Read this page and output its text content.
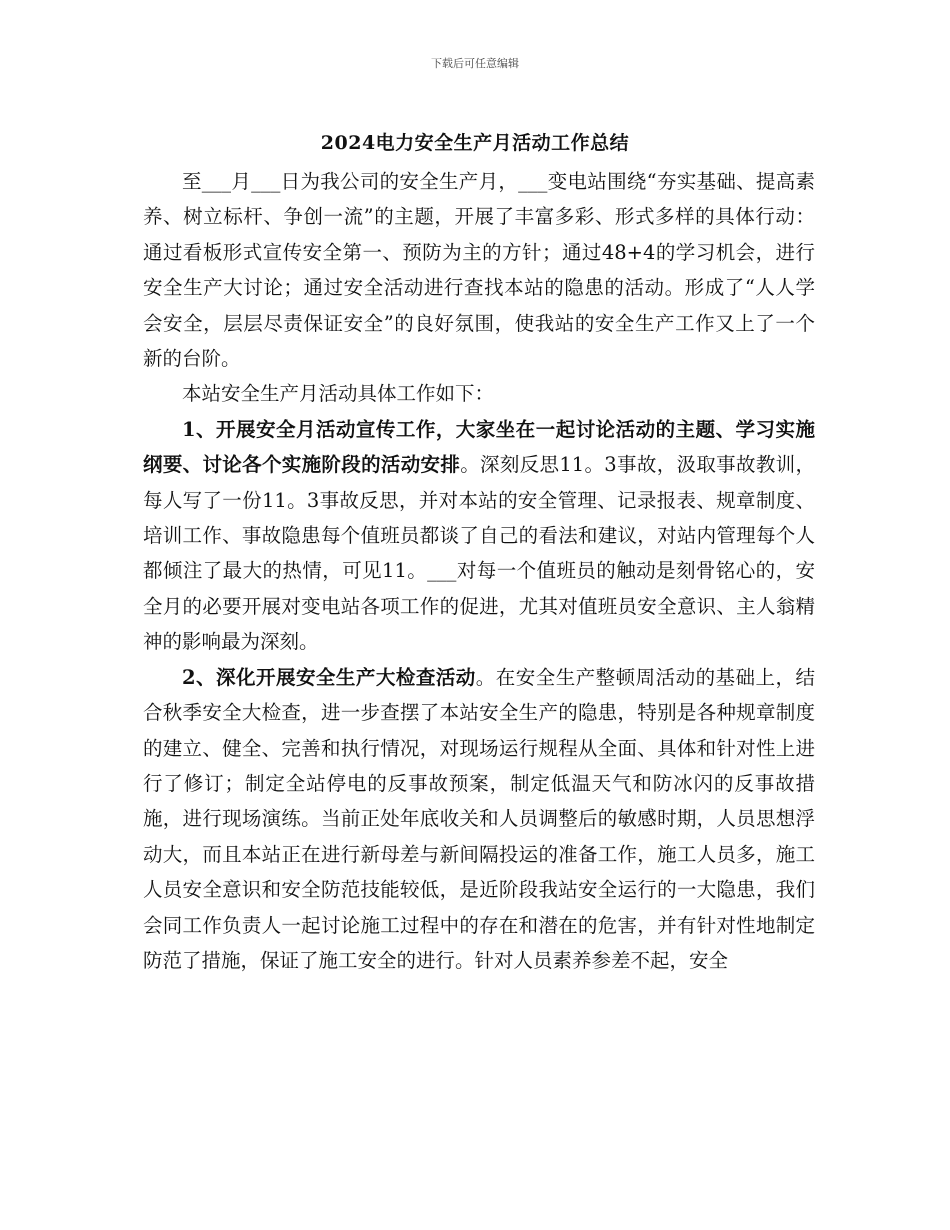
下载后可任意编辑
2024电力安全生产月活动工作总结

至___月___日为我公司的安全生产月，___变电站围绕“夯实基础、提高素养、树立标杆、争创一流”的主题，开展了丰富多彩、形式多样的具体行动：通过看板形式宣传安全第一、预防为主的方针；通过48+4的学习机会，进行安全生产大讨论；通过安全活动进行查找本站的隐患的活动。形成了“人人学会安全，层层尽责保证安全”的良好氛围，使我站的安全生产工作又上了一个新的台阶。

本站安全生产月活动具体工作如下：

1、开展安全月活动宣传工作，大家坐在一起讨论活动的主题、学习实施纲要、讨论各个实施阶段的活动安排。深刻反思11。3事故，汲取事故教训，每人写了一份11。3事故反思，并对本站的安全管理、记录报表、规章制度、培训工作、事故隐患每个值班员都谈了自己的看法和建议，对站内管理每个人都倾注了最大的热情，可见11。___对每一个值班员的触动是刻骨铭心的，安全月的必要开展对变电站各项工作的促进，尤其对值班员安全意识、主人翁精神的影响最为深刻。

2、深化开展安全生产大检查活动。在安全生产整顿周活动的基础上，结合秋季安全大检查，进一步查摆了本站安全生产的隐患，特别是各种规章制度的建立、健全、完善和执行情况，对现场运行规程从全面、具体和针对性上进行了修订；制定全站停电的反事故预案，制定低温天气和防冰闪的反事故措施，进行现场演练。当前正处年底收关和人员调整后的敏感时期，人员思想浮动大，而且本站正在进行新母差与新间隔投运的准备工作，施工人员多，施工人员安全意识和安全防范技能较低，是近阶段我站安全运行的一大隐患，我们会同工作负责人一起讨论施工过程中的存在和潜在的危害，并有针对性地制定防范了措施，保证了施工安全的进行。针对人员素养参差不起，安全
